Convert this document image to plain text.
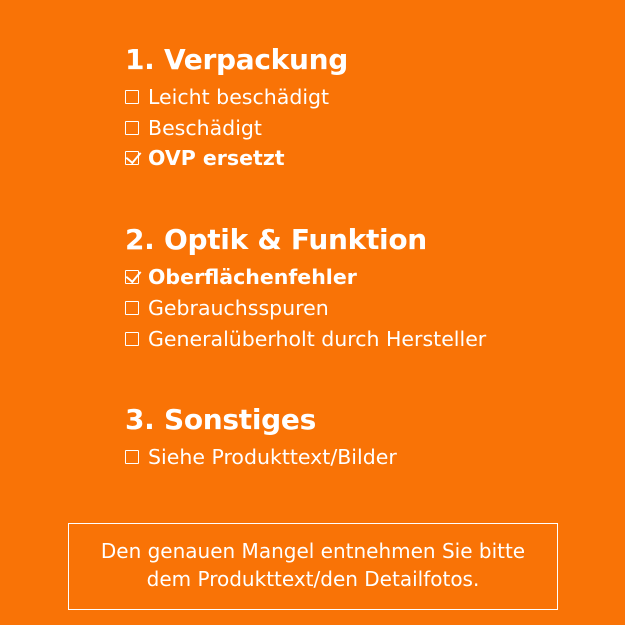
1. Verpackung
Leicht beschädigt
Beschädigt
OVP ersetzt
2. Optik & Funktion
Oberflächenfehler
Gebrauchsspuren
Generalüberholt durch Hersteller
3. Sonstiges
Siehe Produkttext/Bilder
Den genauen Mangel entnehmen Sie bitte
dem Produkttext/den Detailfotos.
